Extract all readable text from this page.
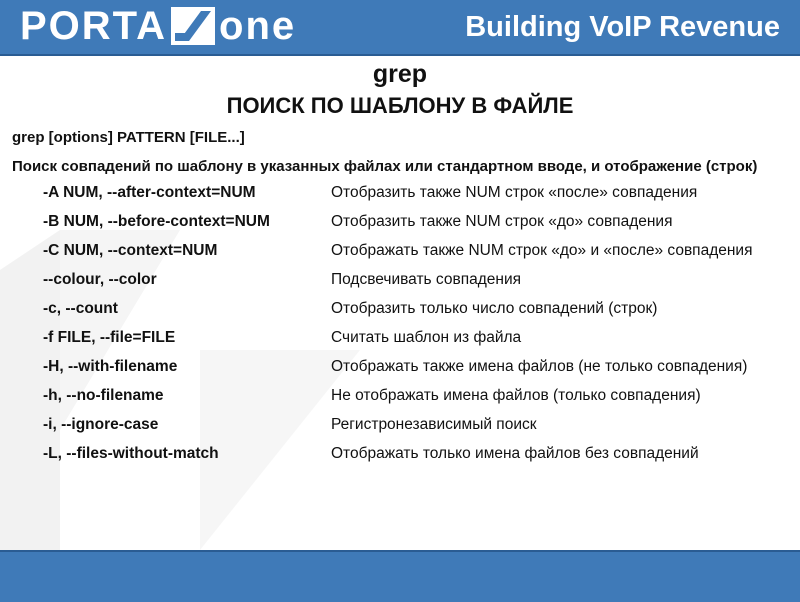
PORTA one	Building VoIP Revenue
grep
ПОИСК ПО ШАБЛОНУ В ФАЙЛЕ
grep [options] PATTERN [FILE...]
Поиск совпадений по шаблону в указанных файлах или стандартном вводе, и отображение (строк)
-A NUM, --after-context=NUM	Отобразить также NUM строк «после» совпадения
-B NUM, --before-context=NUM	Отобразить также NUM строк «до» совпадения
-C NUM, --context=NUM	Отображать также NUM строк «до» и «после» совпадения
--colour, --color	Подсвечивать совпадения
-c, --count	Отобразить только число совпадений (строк)
-f FILE, --file=FILE	Считать шаблон из файла
-H, --with-filename	Отображать также имена файлов (не только совпадения)
-h, --no-filename	Не отображать имена файлов (только совпадения)
-i, --ignore-case	Регистронезависимый поиск
-L, --files-without-match	Отображать только имена файлов без совпадений
